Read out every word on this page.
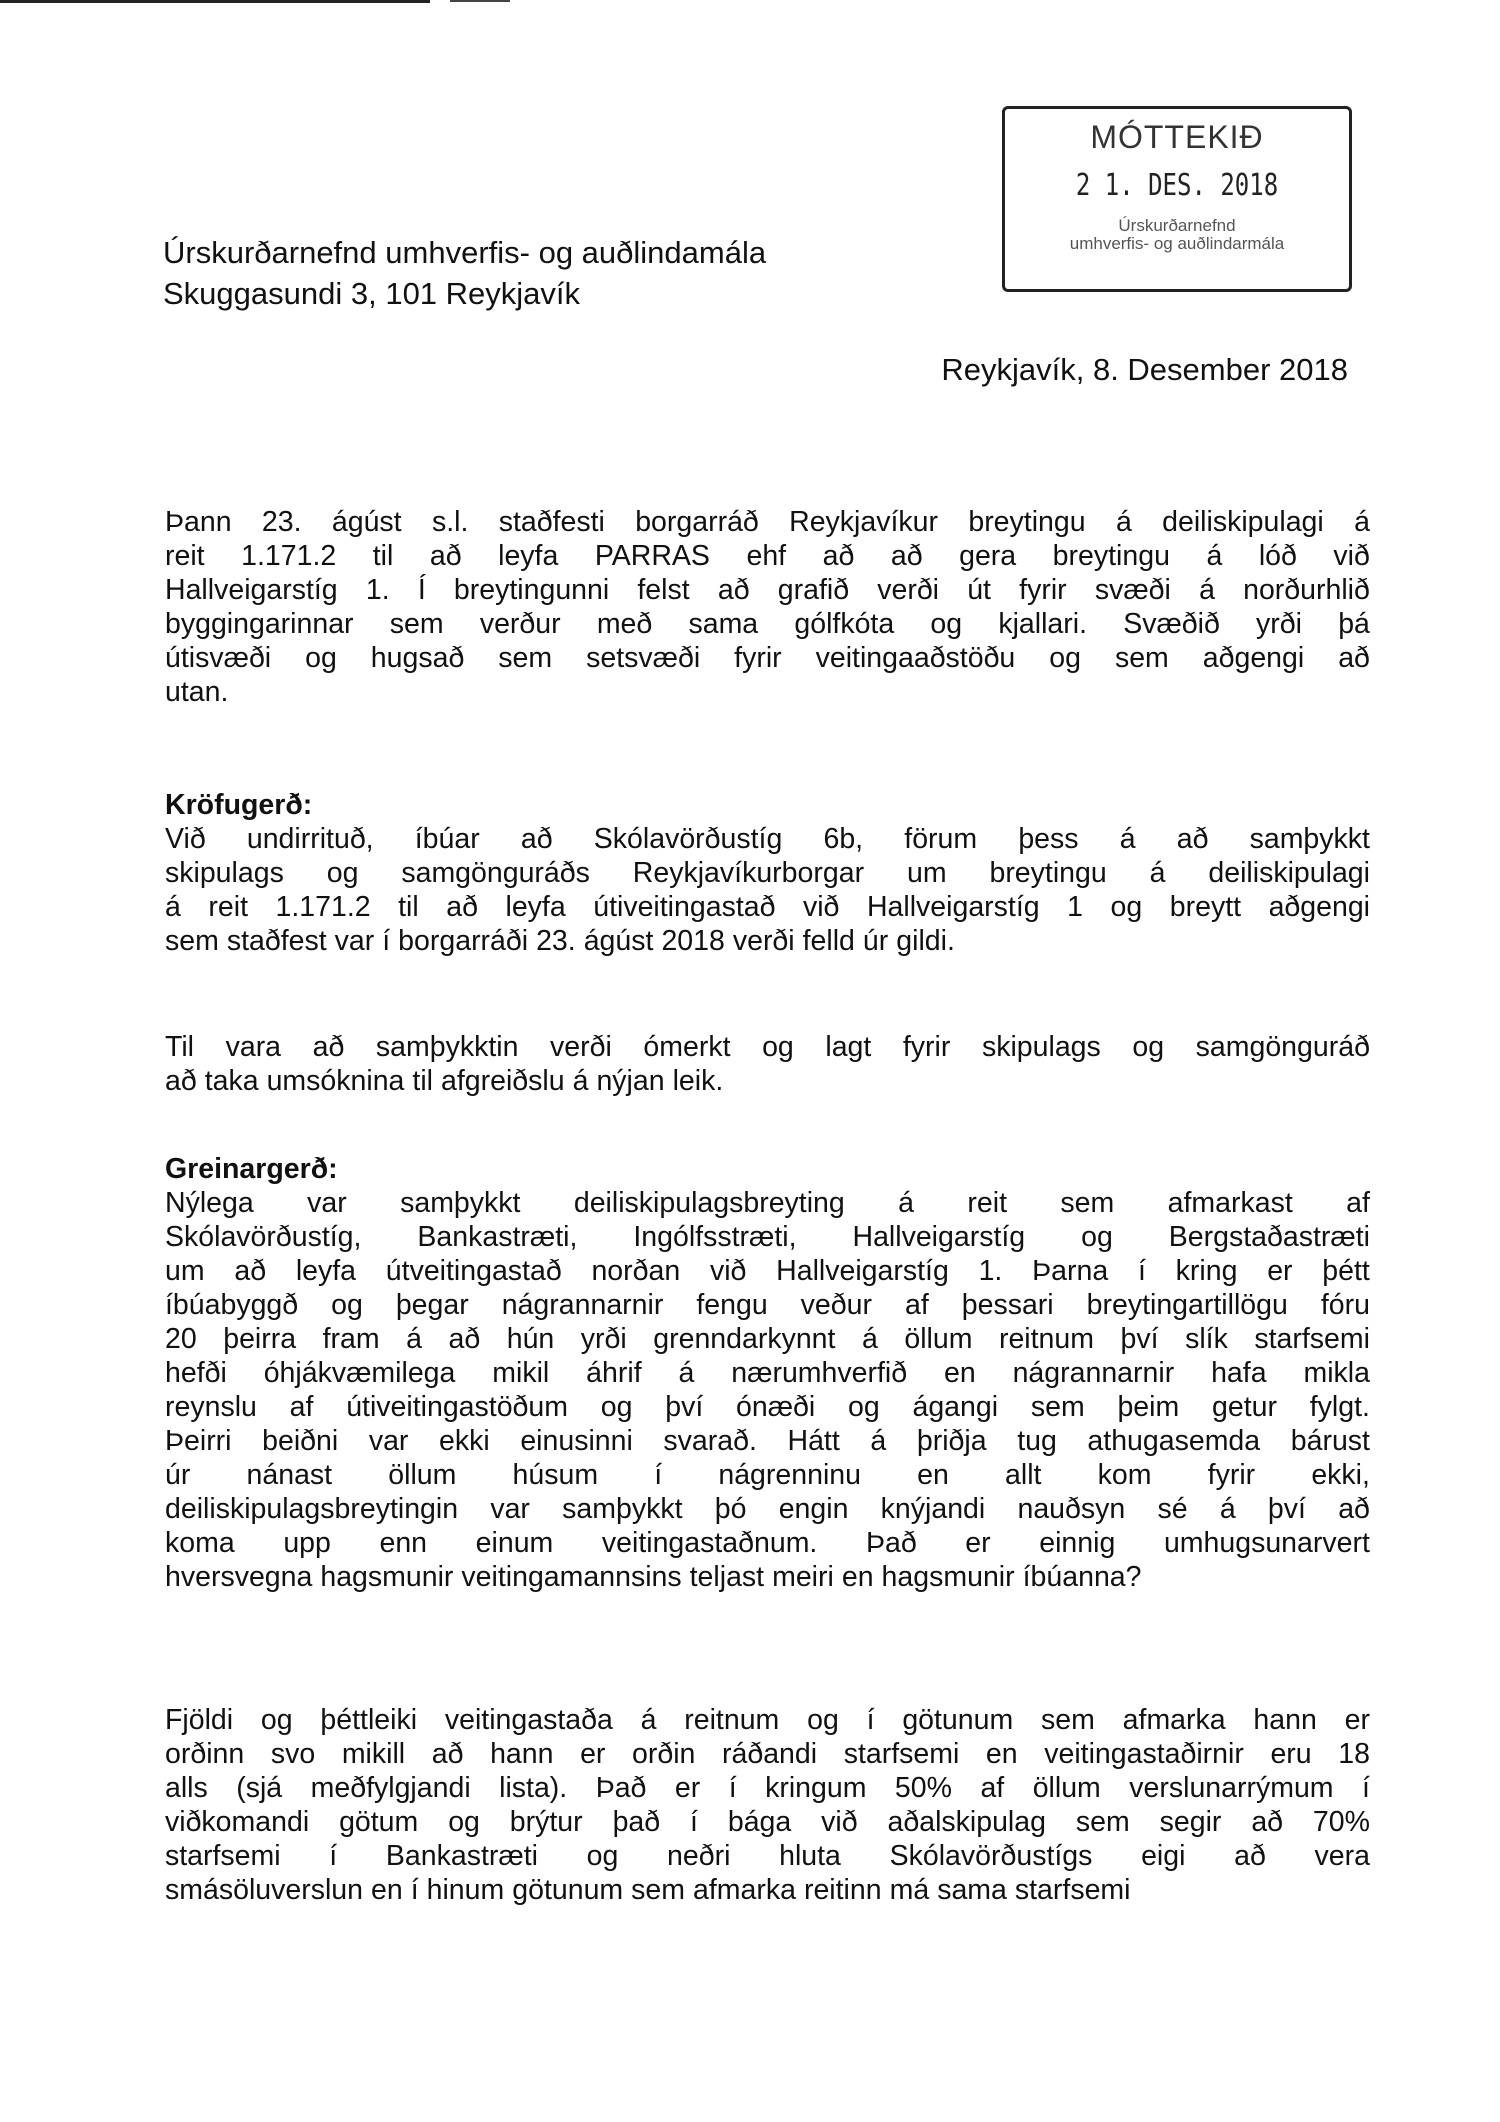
Úrskurðarnefnd umhverfis- og auðlindamála
Skuggasundi 3, 101 Reykjavík
MÓTTEKIÐ
2 1. DES. 2018
Úrskurðarnefnd
umhverfis- og auðlindarmála
Reykjavík, 8. Desember 2018
Þann 23. ágúst s.l. staðfesti borgarráð Reykjavíkur breytingu á deiliskipulagi á
reit 1.171.2 til að leyfa PARRAS ehf að að gera breytingu á lóð við
Hallveigarstíg 1. Í breytingunni felst að grafið verði út fyrir svæði á norðurhlið
byggingarinnar sem verður með sama gólfkóta og kjallari. Svæðið yrði þá
útisvæði og hugsað sem setsvæði fyrir veitingaaðstöðu og sem aðgengi að
utan.
Kröfugerð:
Við undirrituð, íbúar að Skólavörðustíg 6b, förum þess á að samþykkt
skipulags og samgönguráðs Reykjavíkurborgar um breytingu á deiliskipulagi
á reit 1.171.2 til að leyfa útiveitingastað við Hallveigarstíg 1 og breytt aðgengi
sem staðfest var í borgarráði 23. ágúst 2018 verði felld úr gildi.
Til vara að samþykktin verði ómerkt og lagt fyrir skipulags og samgönguráð
að taka umsóknina til afgreiðslu á nýjan leik.
Greinargerð:
Nýlega var samþykkt deiliskipulagsbreyting á reit sem afmarkast af
Skólavörðustíg, Bankastræti, Ingólfsstræti, Hallveigarstíg og Bergstaðastræti
um að leyfa útveitingastað norðan við Hallveigarstíg 1. Þarna í kring er þétt
íbúabyggð og þegar nágrannarnir fengu veður af þessari breytingartillögu fóru
20 þeirra fram á að hún yrði grenndarkynnt á öllum reitnum því slík starfsemi
hefði óhjákvæmilega mikil áhrif á nærumhverfið en nágrannarnir hafa mikla
reynslu af útiveitingastöðum og því ónæði og ágangi sem þeim getur fylgt.
Þeirri beiðni var ekki einusinni svarað. Hátt á þriðja tug athugasemda bárust
úr nánast öllum húsum í nágrenninu en allt kom fyrir ekki,
deiliskipulagsbreytingin var samþykkt þó engin knýjandi nauðsyn sé á því að
koma upp enn einum veitingastaðnum. Það er einnig umhugsunarvert
hversvegna hagsmunir veitingamannsins teljast meiri en hagsmunir íbúanna?
Fjöldi og þéttleiki veitingastaða á reitnum og í götunum sem afmarka hann er
orðinn svo mikill að hann er orðin ráðandi starfsemi en veitingastaðirnir eru 18
alls (sjá meðfylgjandi lista). Það er í kringum 50% af öllum verslunarrýmum í
viðkomandi götum og brýtur það í bága við aðalskipulag sem segir að 70%
starfsemi í Bankastræti og neðri hluta Skólavörðustígs eigi að vera
smásöluverslun en í hinum götunum sem afmarka reitinn má sama starfsemi
